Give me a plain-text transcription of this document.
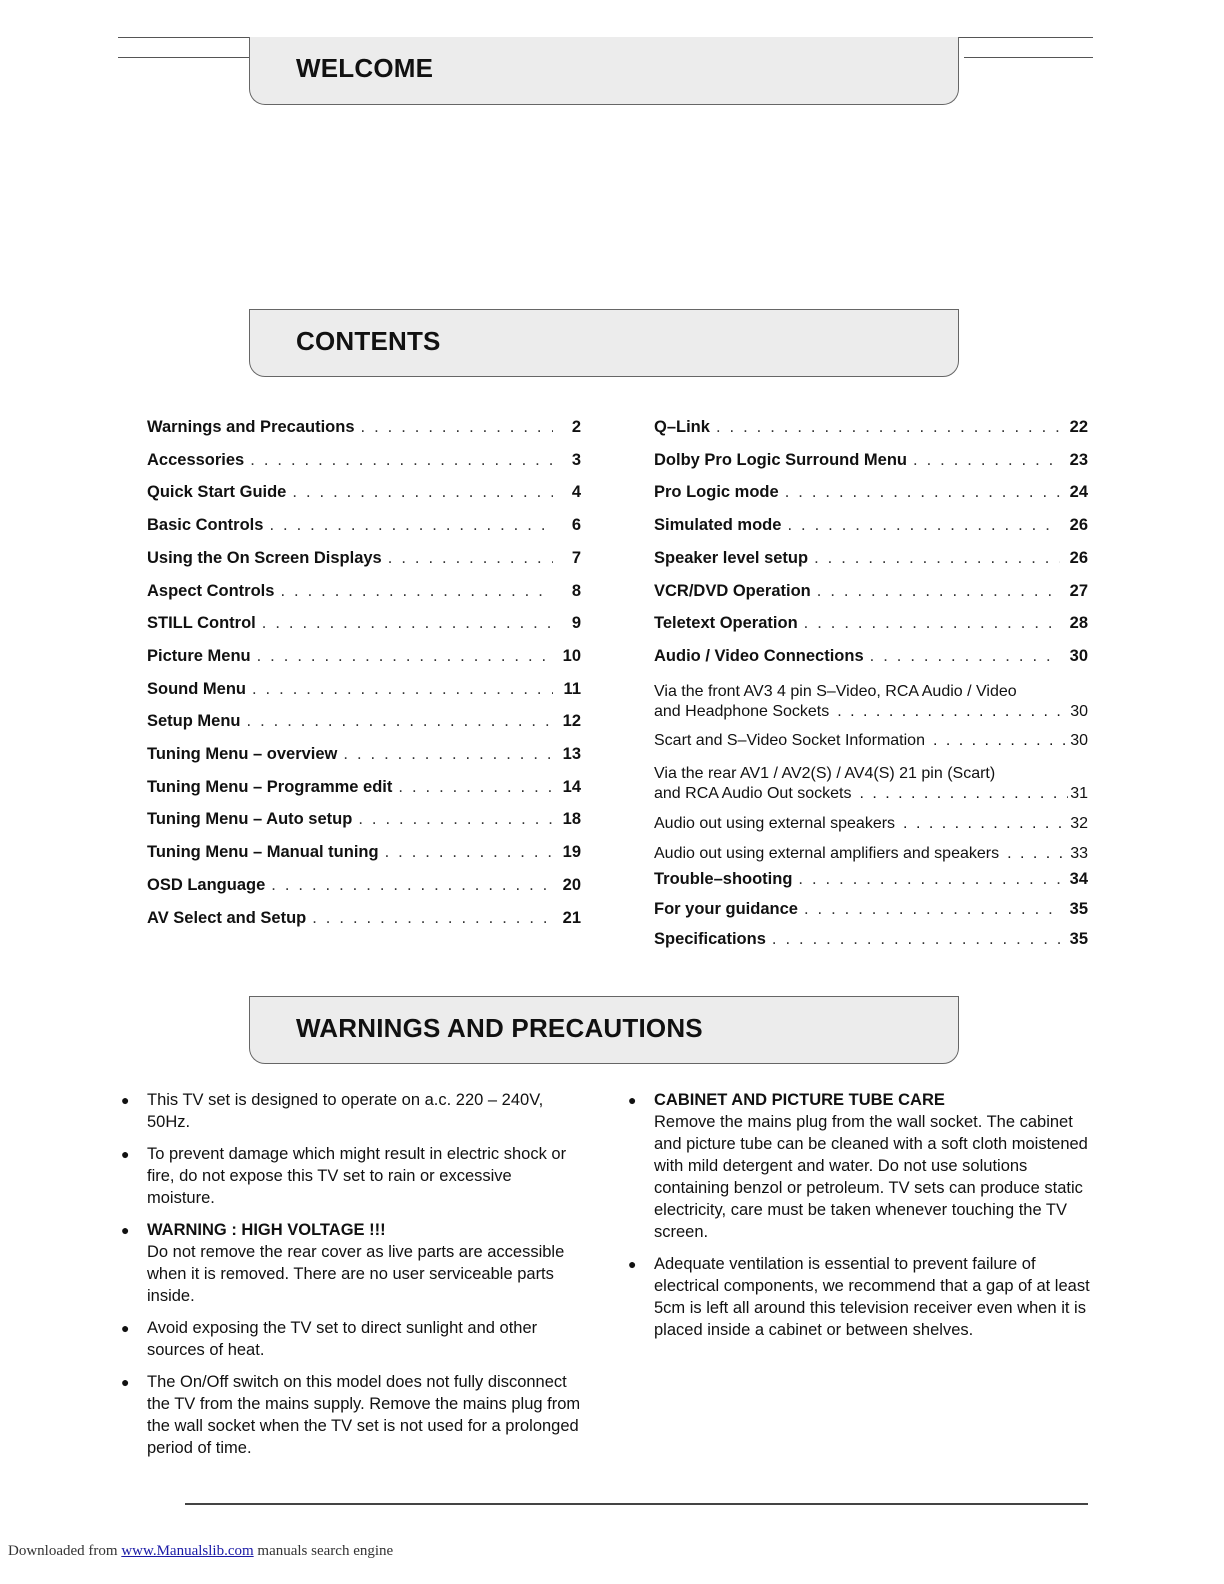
WELCOME
CONTENTS
Warnings and Precautions . . .	2
Accessories . . .	3
Quick Start Guide . . .	4
Basic Controls . . .	6
Using the On Screen Displays . . .	7
Aspect Controls . . .	8
STILL Control . . .	9
Picture Menu . . .	10
Sound Menu . . .	11
Setup Menu . . .	12
Tuning Menu – overview . . .	13
Tuning Menu – Programme edit . . .	14
Tuning Menu – Auto setup . . .	18
Tuning Menu – Manual tuning . . .	19
OSD Language . . .	20
AV Select and Setup . . .	21
Q–Link . . .	22
Dolby Pro Logic Surround Menu . . .	23
Pro Logic mode . . .	24
Simulated mode . . .	26
Speaker level setup . . .	26
VCR/DVD Operation . . .	27
Teletext Operation . . .	28
Audio / Video Connections . . .	30
Via the front AV3 4 pin S–Video, RCA Audio / Video
and Headphone Sockets . . .	30
Scart and S–Video Socket Information . . .	30
Via the rear AV1 / AV2(S) / AV4(S) 21 pin (Scart)
and RCA Audio Out sockets . . .	31
Audio out using external speakers . . .	32
Audio out using external amplifiers and speakers . . .	33
Trouble–shooting . . .	34
For your guidance . . .	35
Specifications . . .	35
WARNINGS AND PRECAUTIONS
● This TV set is designed to operate on a.c. 220 – 240V, 50Hz.
● To prevent damage which might result in electric shock or fire, do not expose this TV set to rain or excessive moisture.
● WARNING : HIGH VOLTAGE !!!
Do not remove the rear cover as live parts are accessible when it is removed. There are no user serviceable parts inside.
● Avoid exposing the TV set to direct sunlight and other sources of heat.
● The On/Off switch on this model does not fully disconnect the TV from the mains supply. Remove the mains plug from the wall socket when the TV set is not used for a prolonged period of time.
● CABINET AND PICTURE TUBE CARE
Remove the mains plug from the wall socket. The cabinet and picture tube can be cleaned with a soft cloth moistened with mild detergent and water. Do not use solutions containing benzol or petroleum. TV sets can produce static electricity, care must be taken whenever touching the TV screen.
● Adequate ventilation is essential to prevent failure of electrical components, we recommend that a gap of at least 5cm is left all around this television receiver even when it is placed inside a cabinet or between shelves.
Downloaded from www.Manualslib.com manuals search engine
